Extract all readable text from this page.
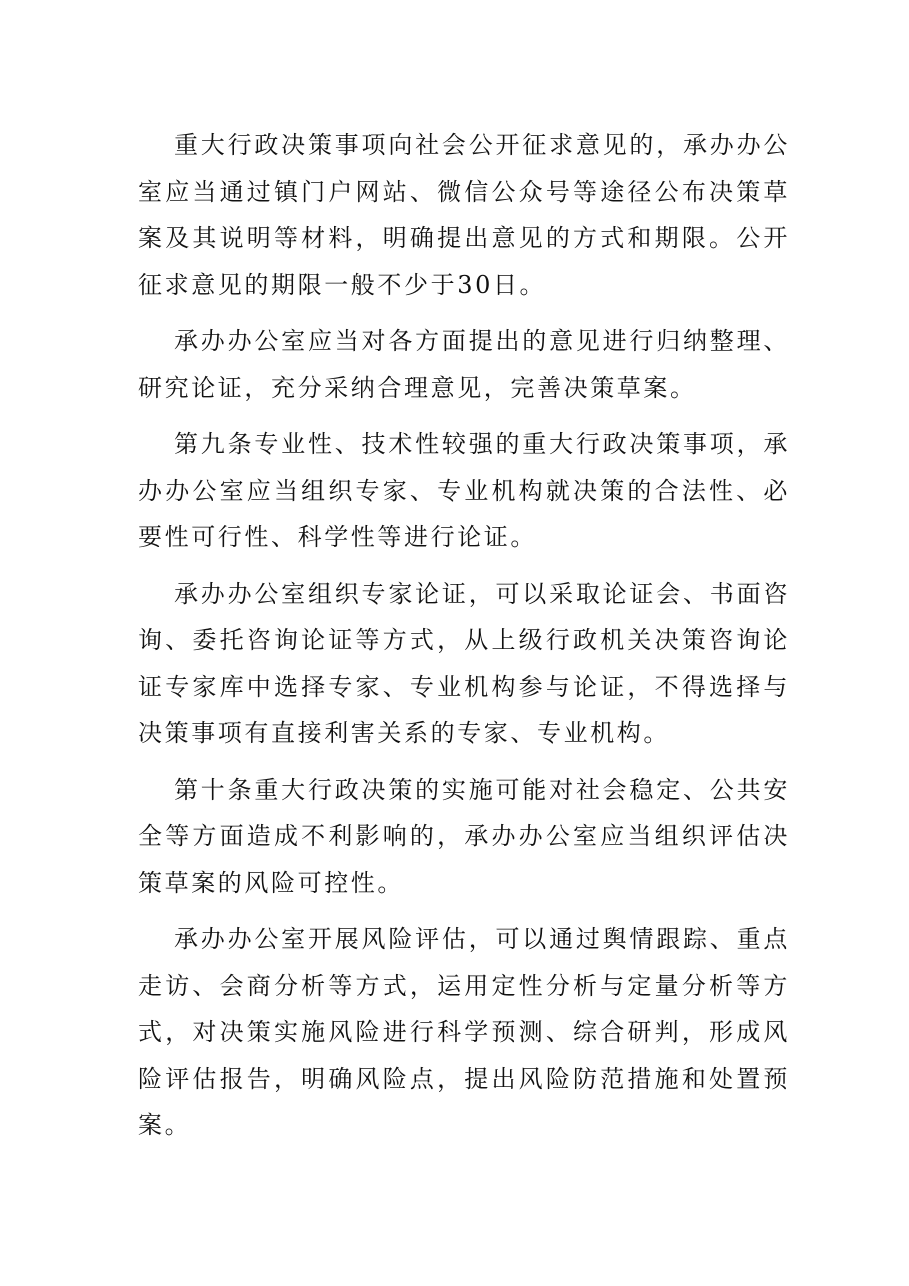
重大行政决策事项向社会公开征求意见的，承办办公室应当通过镇门户网站、微信公众号等途径公布决策草案及其说明等材料，明确提出意见的方式和期限。公开征求意见的期限一般不少于30日。

承办办公室应当对各方面提出的意见进行归纳整理、研究论证，充分采纳合理意见，完善决策草案。

第九条专业性、技术性较强的重大行政决策事项，承办办公室应当组织专家、专业机构就决策的合法性、必要性可行性、科学性等进行论证。

承办办公室组织专家论证，可以采取论证会、书面咨询、委托咨询论证等方式，从上级行政机关决策咨询论证专家库中选择专家、专业机构参与论证，不得选择与决策事项有直接利害关系的专家、专业机构。

第十条重大行政决策的实施可能对社会稳定、公共安全等方面造成不利影响的，承办办公室应当组织评估决策草案的风险可控性。

承办办公室开展风险评估，可以通过舆情跟踪、重点走访、会商分析等方式，运用定性分析与定量分析等方式，对决策实施风险进行科学预测、综合研判，形成风险评估报告，明确风险点，提出风险防范措施和处置预案。
